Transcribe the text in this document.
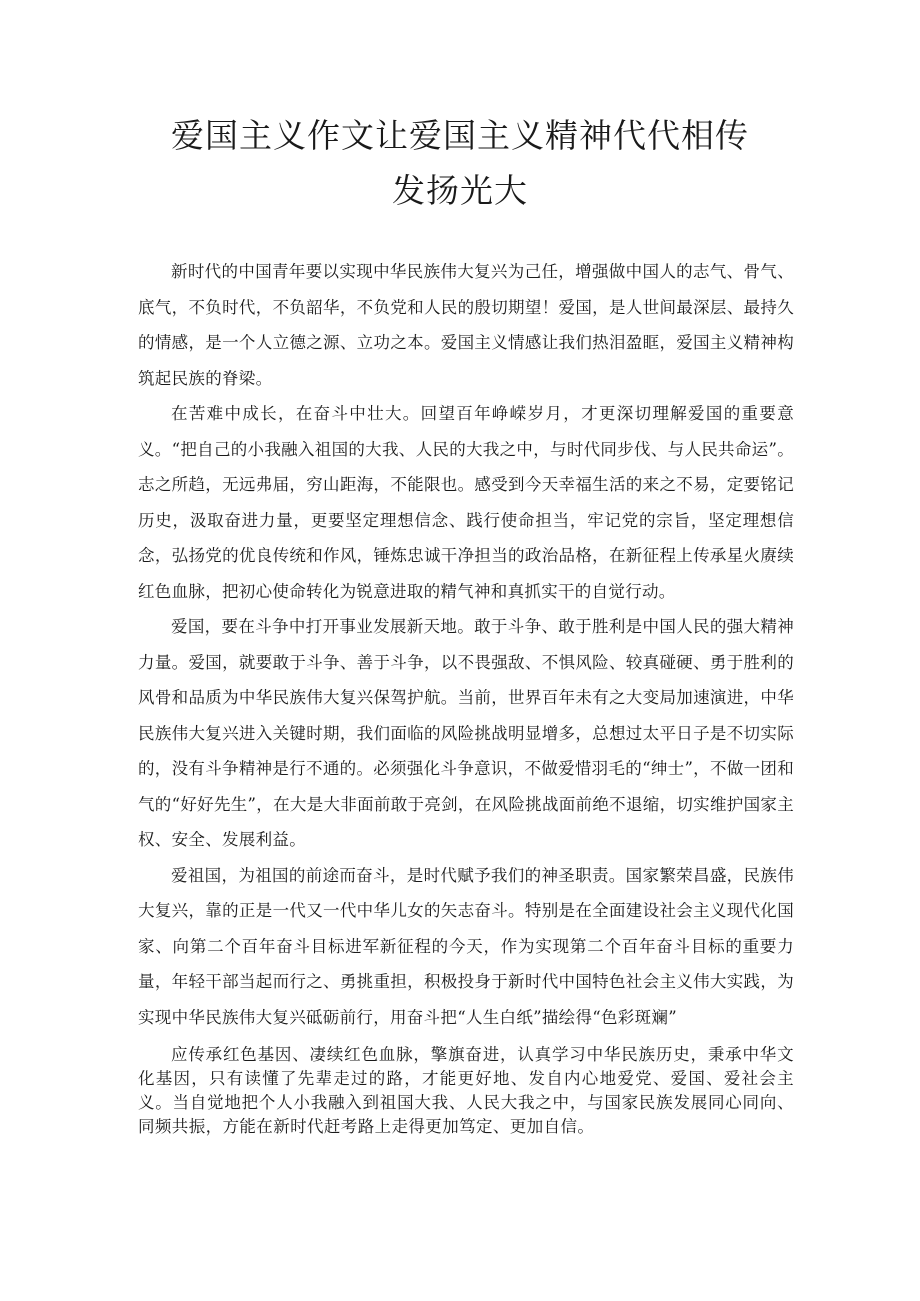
爱国主义作文让爱国主义精神代代相传
发扬光大

新时代的中国青年要以实现中华民族伟大复兴为己任，增强做中国人的志气、骨气、底气，不负时代，不负韶华，不负党和人民的殷切期望！爱国，是人世间最深层、最持久的情感，是一个人立德之源、立功之本。爱国主义情感让我们热泪盈眶，爱国主义精神构筑起民族的脊梁。

在苦难中成长，在奋斗中壮大。回望百年峥嵘岁月，才更深切理解爱国的重要意义。“把自己的小我融入祖国的大我、人民的大我之中，与时代同步伐、与人民共命运”。志之所趋，无远弗届，穷山距海，不能限也。感受到今天幸福生活的来之不易，定要铭记历史，汲取奋进力量，更要坚定理想信念、践行使命担当，牢记党的宗旨，坚定理想信念，弘扬党的优良传统和作风，锤炼忠诚干净担当的政治品格，在新征程上传承星火赓续红色血脉，把初心使命转化为锐意进取的精气神和真抓实干的自觉行动。

爱国，要在斗争中打开事业发展新天地。敢于斗争、敢于胜利是中国人民的强大精神力量。爱国，就要敢于斗争、善于斗争，以不畏强敌、不惧风险、较真碰硬、勇于胜利的风骨和品质为中华民族伟大复兴保驾护航。当前，世界百年未有之大变局加速演进，中华民族伟大复兴进入关键时期，我们面临的风险挑战明显增多，总想过太平日子是不切实际的，没有斗争精神是行不通的。必须强化斗争意识，不做爱惜羽毛的“绅士”，不做一团和气的“好好先生”，在大是大非面前敢于亮剑，在风险挑战面前绝不退缩，切实维护国家主权、安全、发展利益。

爱祖国，为祖国的前途而奋斗，是时代赋予我们的神圣职责。国家繁荣昌盛，民族伟大复兴，靠的正是一代又一代中华儿女的矢志奋斗。特别是在全面建设社会主义现代化国家、向第二个百年奋斗目标进军新征程的今天，作为实现第二个百年奋斗目标的重要力量，年轻干部当起而行之、勇挑重担，积极投身于新时代中国特色社会主义伟大实践，为实现中华民族伟大复兴砥砺前行，用奋斗把“人生白纸”描绘得“色彩斑斓”

应传承红色基因、凄续红色血脉，擎旗奋进，认真学习中华民族历史，秉承中华文化基因，只有读懂了先辈走过的路，才能更好地、发自内心地爱党、爱国、爱社会主义。当自觉地把个人小我融入到祖国大我、人民大我之中，与国家民族发展同心同向、同频共振，方能在新时代赶考路上走得更加笃定、更加自信。
